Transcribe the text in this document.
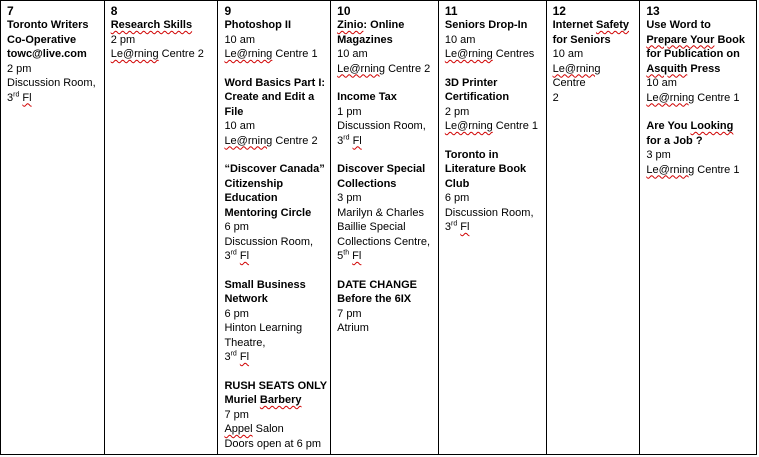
7
Toronto Writers
Co-Operative
towc@live.com
2 pm
Discussion Room,
3rd Fl
8
Research Skills
2 pm
Le@rning Centre 2
9
Photoshop II
10 am
Le@rning Centre 1
Word Basics Part I:
Create and Edit a
File
10 am
Le@rning Centre 2
“Discover Canada”
Citizenship
Education
Mentoring Circle
6 pm
Discussion Room,
3rd Fl
Small Business
Network
6 pm
Hinton Learning
Theatre,
3rd Fl
RUSH SEATS ONLY
Muriel Barbery
7 pm
Appel Salon
Doors open at 6 pm
10
Zinio: Online
Magazines
10 am
Le@rning Centre 2
Income Tax
1 pm
Discussion Room,
3rd Fl
Discover Special
Collections
3 pm
Marilyn & Charles
Baillie Special
Collections Centre,
5th Fl
DATE CHANGE
Before the 6IX
7 pm
Atrium
11
Seniors Drop-In
10 am
Le@rning Centres
3D Printer
Certification
2 pm
Le@rning Centre 1
Toronto in
Literature Book
Club
6 pm
Discussion Room,
3rd Fl
12
Internet Safety
for Seniors
10 am
Le@rning Centre
2
13
Use Word to
Prepare Your Book
for Publication on
Asquith Press
10 am
Le@rning Centre 1
Are You Looking
for a Job ?
3 pm
Le@rning Centre 1
